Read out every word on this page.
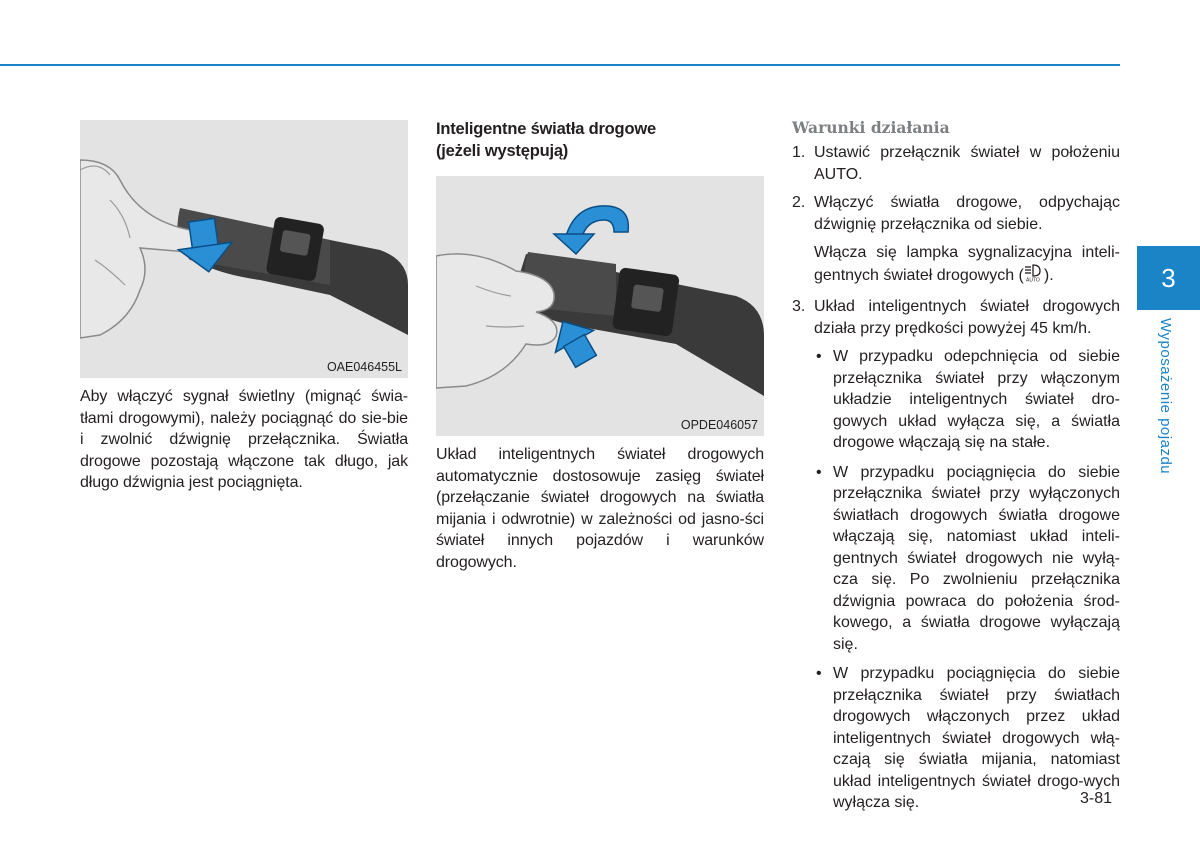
OAE046455L

Aby włączyć sygnał świetlny (mignąć świa-tłami drogowymi), należy pociągnąć do sie-bie i zwolnić dźwignię przełącznika. Światła drogowe pozostają włączone tak długo, jak długo dźwignia jest pociągnięta.

Inteligentne światła drogowe

(jeżeli występują)

OPDE046057

Układ inteligentnych świateł drogowych automatycznie dostosowuje zasięg świateł (przełączanie świateł drogowych na światła mijania i odwrotnie) w zależności od jasno-ści świateł innych pojazdów i warunków drogowych.

Warunki działania

1. Ustawić przełącznik świateł w położeniu AUTO.
2. Włączyć światła drogowe, odpychając dźwignię przełącznika od siebie.
Włącza się lampka sygnalizacyjna inteli-gentnych świateł drogowych ( AUTO ).
3. Układ inteligentnych świateł drogowych działa przy prędkości powyżej 45 km/h.
• W przypadku odepchnięcia od siebie przełącznika świateł przy włączonym układzie inteligentnych świateł dro-gowych układ wyłącza się, a światła drogowe włączają się na stałe.
• W przypadku pociągnięcia do siebie przełącznika świateł przy wyłączonych światłach drogowych światła drogowe włączają się, natomiast układ inteli-gentnych świateł drogowych nie wyłą-cza się. Po zwolnieniu przełącznika dźwignia powraca do położenia środ-kowego, a światła drogowe wyłączają się.
• W przypadku pociągnięcia do siebie przełącznika świateł przy światłach drogowych włączonych przez układ inteligentnych świateł drogowych włą-czają się światła mijania, natomiast układ inteligentnych świateł drogo-wych wyłącza się.
3
Wyposażenie pojazdu
3-81
